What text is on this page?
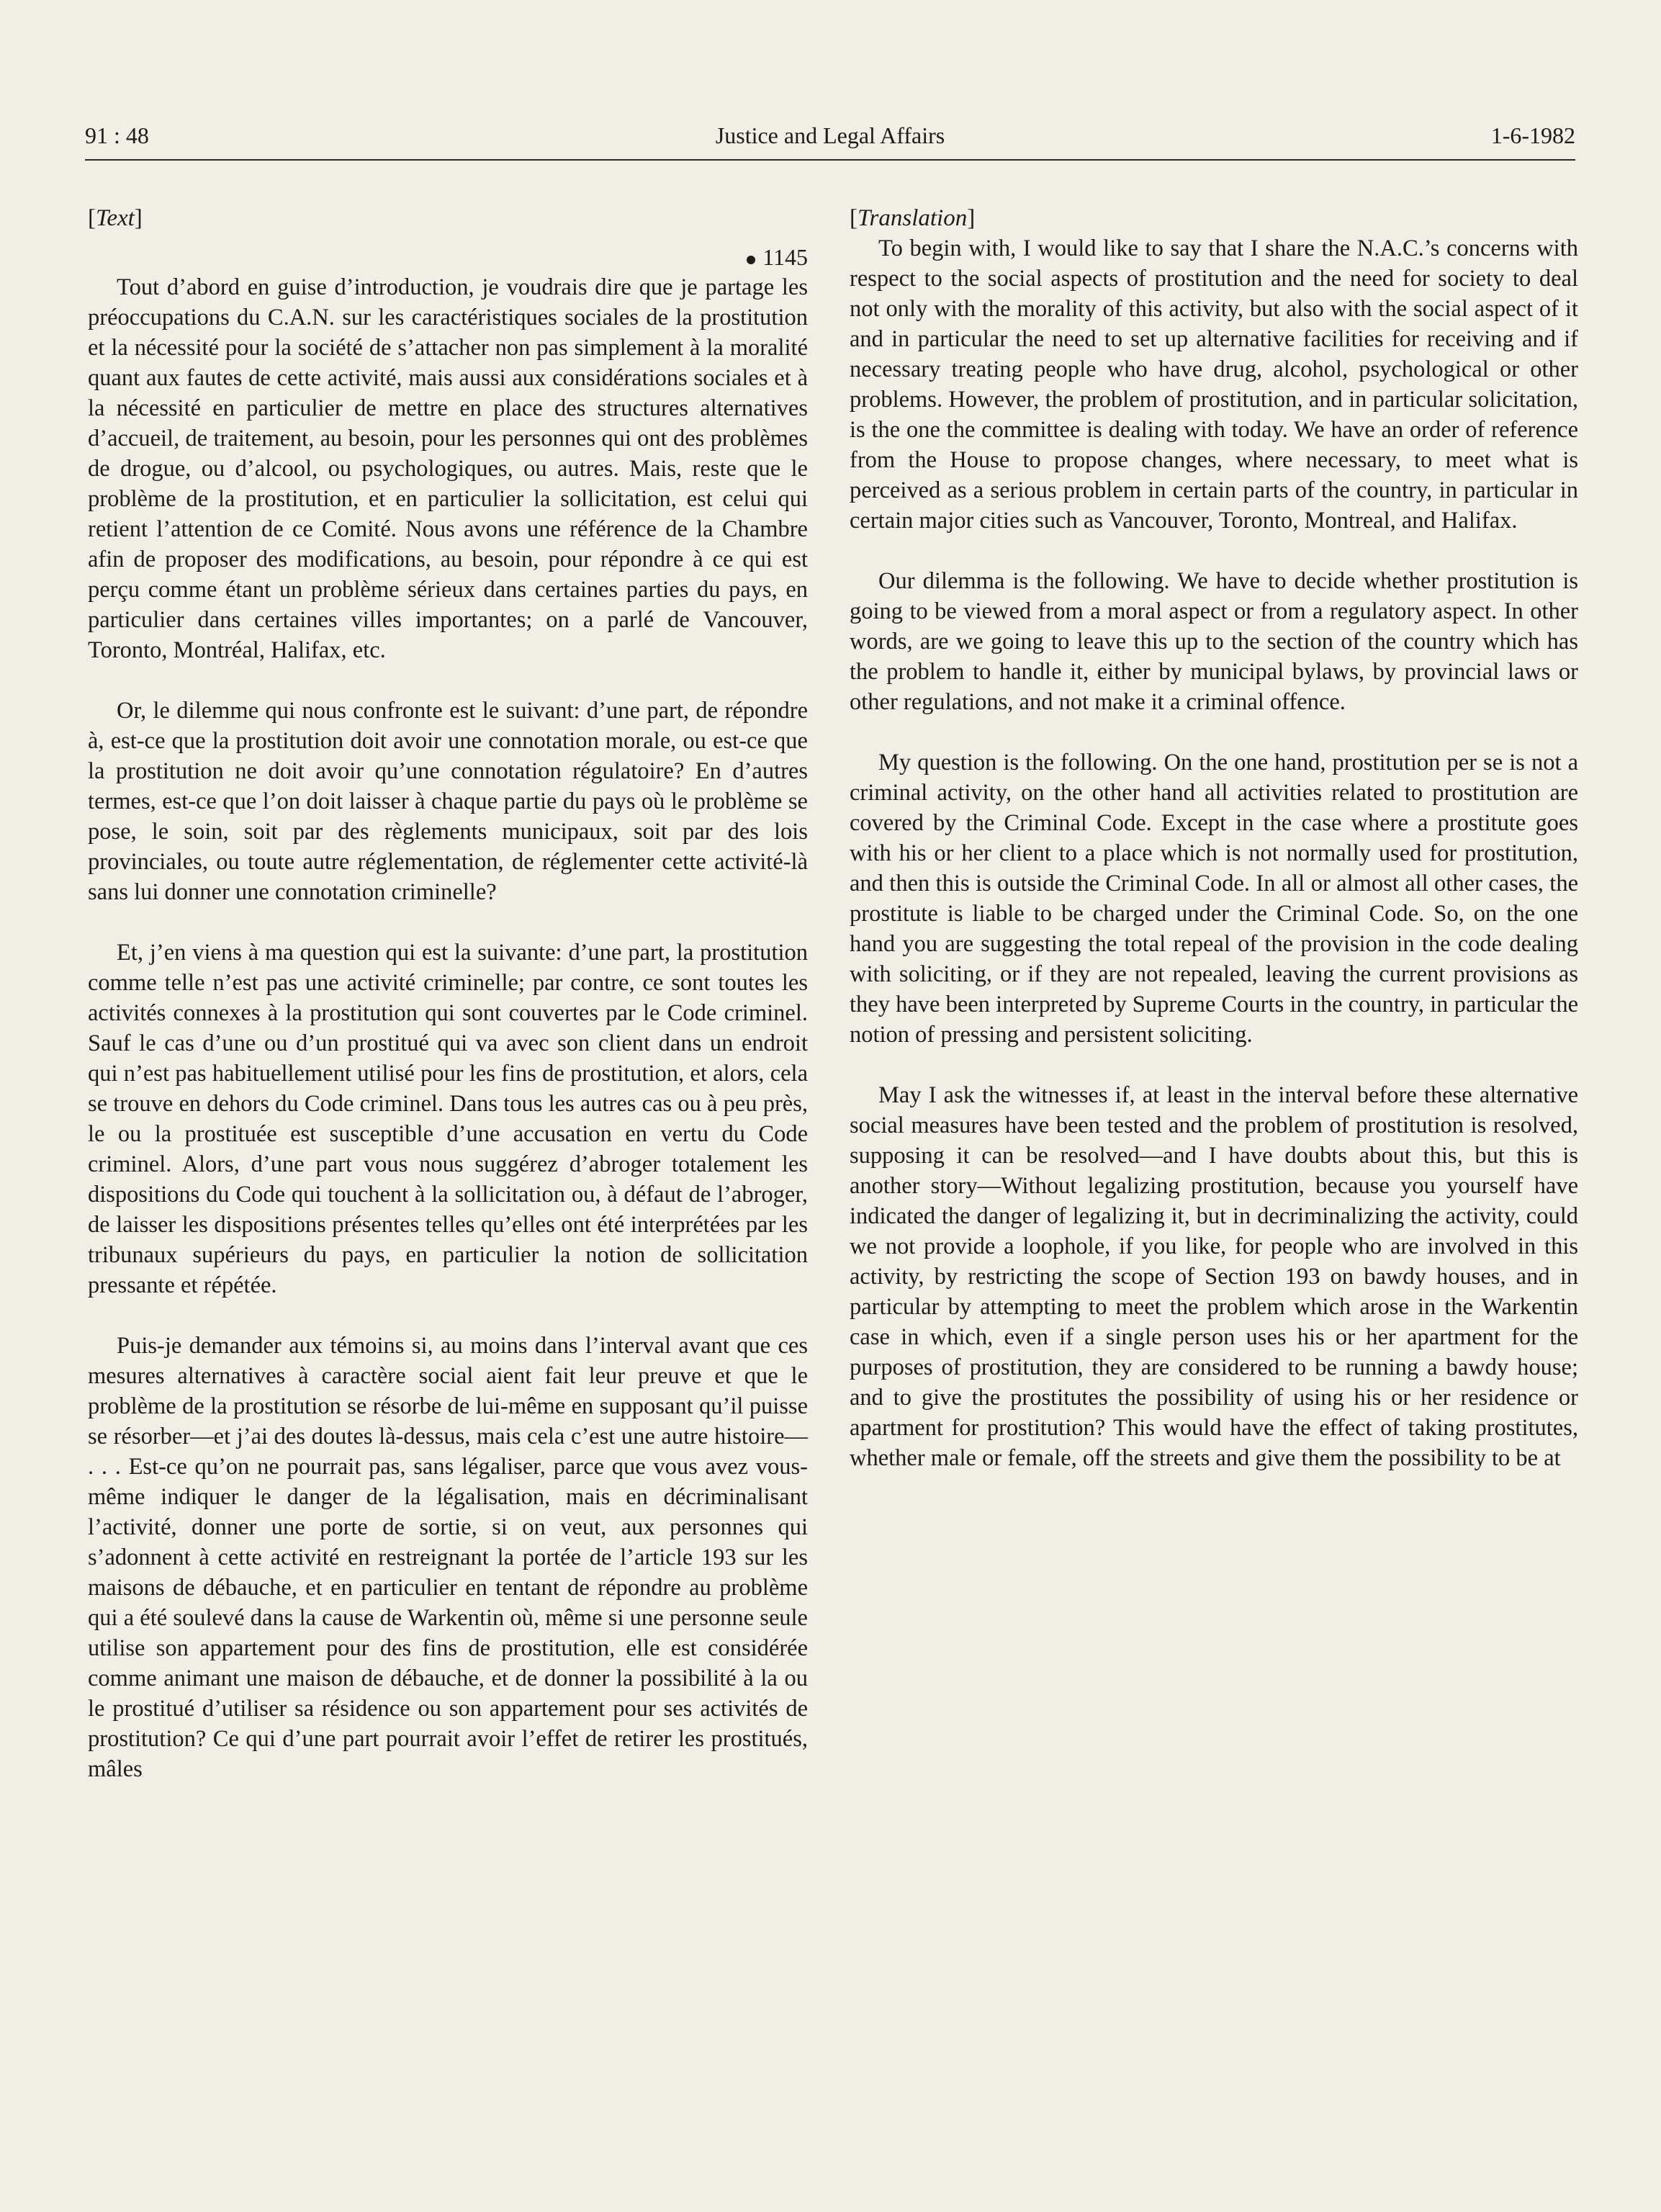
91 : 48	Justice and Legal Affairs	1-6-1982

[Text]

1145

Tout d’abord en guise d’introduction, je voudrais dire que je partage les préoccupations du C.A.N. sur les caractéristiques sociales de la prostitution et la nécessité pour la société de s’attacher non pas simplement à la moralité quant aux fautes de cette activité, mais aussi aux considérations sociales et à la nécessité en particulier de mettre en place des structures alternatives d’accueil, de traitement, au besoin, pour les personnes qui ont des problèmes de drogue, ou d’alcool, ou psychologiques, ou autres. Mais, reste que le problème de la prostitution, et en particulier la sollicitation, est celui qui retient l’attention de ce Comité. Nous avons une référence de la Chambre afin de proposer des modifications, au besoin, pour répondre à ce qui est perçu comme étant un problème sérieux dans certaines parties du pays, en particulier dans certaines villes importantes; on a parlé de Vancouver, Toronto, Montréal, Halifax, etc.

Or, le dilemme qui nous confronte est le suivant: d’une part, de répondre à, est-ce que la prostitution doit avoir une connotation morale, ou est-ce que la prostitution ne doit avoir qu’une connotation régulatoire? En d’autres termes, est-ce que l’on doit laisser à chaque partie du pays où le problème se pose, le soin, soit par des règlements municipaux, soit par des lois provinciales, ou toute autre réglementation, de réglementer cette activité-là sans lui donner une connotation criminelle?

Et, j’en viens à ma question qui est la suivante: d’une part, la prostitution comme telle n’est pas une activité criminelle; par contre, ce sont toutes les activités connexes à la prostitution qui sont couvertes par le Code criminel. Sauf le cas d’une ou d’un prostitué qui va avec son client dans un endroit qui n’est pas habituellement utilisé pour les fins de prostitution, et alors, cela se trouve en dehors du Code criminel. Dans tous les autres cas ou à peu près, le ou la prostituée est susceptible d’une accusation en vertu du Code criminel. Alors, d’une part vous nous suggérez d’abroger totalement les dispositions du Code qui touchent à la sollicitation ou, à défaut de l’abroger, de laisser les dispositions présentes telles qu’elles ont été interprétées par les tribunaux supérieurs du pays, en particulier la notion de sollicitation pressante et répétée.

Puis-je demander aux témoins si, au moins dans l’interval avant que ces mesures alternatives à caractère social aient fait leur preuve et que le problème de la prostitution se résorbe de lui-même en supposant qu’il puisse se résorber—et j’ai des doutes là-dessus, mais cela c’est une autre histoire— . . . Est-ce qu’on ne pourrait pas, sans légaliser, parce que vous avez vous-même indiquer le danger de la légalisation, mais en décriminalisant l’activité, donner une porte de sortie, si on veut, aux personnes qui s’adonnent à cette activité en restreignant la portée de l’article 193 sur les maisons de débauche, et en particulier en tentant de répondre au problème qui a été soulevé dans la cause de Warkentin où, même si une personne seule utilise son appartement pour des fins de prostitution, elle est considérée comme animant une maison de débauche, et de donner la possibilité à la ou le prostitué d’utiliser sa résidence ou son appartement pour ses activités de prostitution? Ce qui d’une part pourrait avoir l’effet de retirer les prostitués, mâles

[Translation]

To begin with, I would like to say that I share the N.A.C.’s concerns with respect to the social aspects of prostitution and the need for society to deal not only with the morality of this activity, but also with the social aspect of it and in particular the need to set up alternative facilities for receiving and if necessary treating people who have drug, alcohol, psychological or other problems. However, the problem of prostitution, and in particular solicitation, is the one the committee is dealing with today. We have an order of reference from the House to propose changes, where necessary, to meet what is perceived as a serious problem in certain parts of the country, in particular in certain major cities such as Vancouver, Toronto, Montreal, and Halifax.

Our dilemma is the following. We have to decide whether prostitution is going to be viewed from a moral aspect or from a regulatory aspect. In other words, are we going to leave this up to the section of the country which has the problem to handle it, either by municipal bylaws, by provincial laws or other regulations, and not make it a criminal offence.

My question is the following. On the one hand, prostitution per se is not a criminal activity, on the other hand all activities related to prostitution are covered by the Criminal Code. Except in the case where a prostitute goes with his or her client to a place which is not normally used for prostitution, and then this is outside the Criminal Code. In all or almost all other cases, the prostitute is liable to be charged under the Criminal Code. So, on the one hand you are suggesting the total repeal of the provision in the code dealing with soliciting, or if they are not repealed, leaving the current provisions as they have been interpreted by Supreme Courts in the country, in particular the notion of pressing and persistent soliciting.

May I ask the witnesses if, at least in the interval before these alternative social measures have been tested and the problem of prostitution is resolved, supposing it can be resolved—and I have doubts about this, but this is another story—Without legalizing prostitution, because you yourself have indicated the danger of legalizing it, but in decriminalizing the activity, could we not provide a loophole, if you like, for people who are involved in this activity, by restricting the scope of Section 193 on bawdy houses, and in particular by attempting to meet the problem which arose in the Warkentin case in which, even if a single person uses his or her apartment for the purposes of prostitution, they are considered to be running a bawdy house; and to give the prostitutes the possibility of using his or her residence or apartment for prostitution? This would have the effect of taking prostitutes, whether male or female, off the streets and give them the possibility to be at
